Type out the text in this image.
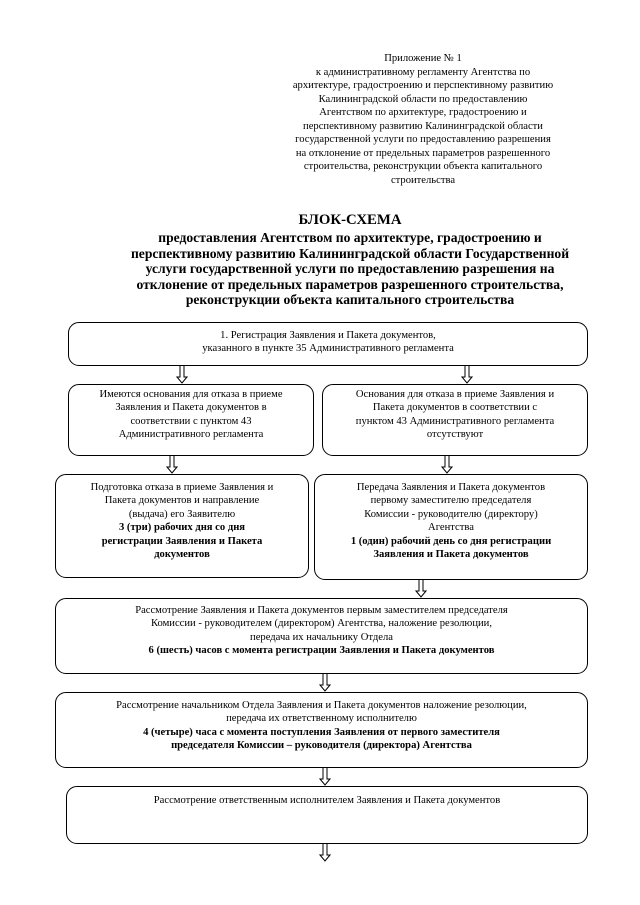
Приложение № 1
к административному регламенту Агентства по
архитектуре, градостроению и перспективному развитию
Калининградской области по предоставлению
Агентством по архитектуре, градостроению и
перспективному развитию Калининградской области
государственной услуги по предоставлению разрешения
на отклонение от предельных параметров разрешенного
строительства, реконструкции объекта капитального
строительства
БЛОК-СХЕМА
предоставления Агентством по архитектуре, градостроению и
перспективному развитию Калининградской области Государственной
услуги государственной услуги по предоставлению разрешения на
отклонение от предельных параметров разрешенного строительства,
реконструкции объекта капитального строительства
1. Регистрация Заявления и Пакета документов,
указанного в пункте 35 Административного регламента
Имеются основания для отказа в приеме
Заявления и Пакета документов в
соответствии с пунктом 43
Административного регламента
Основания для отказа в приеме Заявления и
Пакета документов в соответствии с
пунктом 43 Административного регламента
отсутствуют
Подготовка отказа в приеме Заявления и
Пакета документов и направление
(выдача) его Заявителю
3 (три) рабочих дня со дня
регистрации Заявления и Пакета
документов
Передача Заявления и Пакета документов
первому заместителю председателя
Комиссии - руководителю (директору)
Агентства
1 (один) рабочий день со дня регистрации
Заявления и Пакета документов
Рассмотрение Заявления и Пакета документов первым заместителем председателя
Комиссии - руководителем (директором) Агентства, наложение резолюции,
передача их начальнику Отдела
6 (шесть) часов с момента регистрации Заявления и Пакета документов
Рассмотрение начальником Отдела Заявления и Пакета документов наложение резолюции,
передача их ответственному исполнителю
4 (четыре) часа с момента поступления Заявления от первого заместителя
председателя Комиссии – руководителя (директора) Агентства
Рассмотрение ответственным исполнителем Заявления и Пакета документов
